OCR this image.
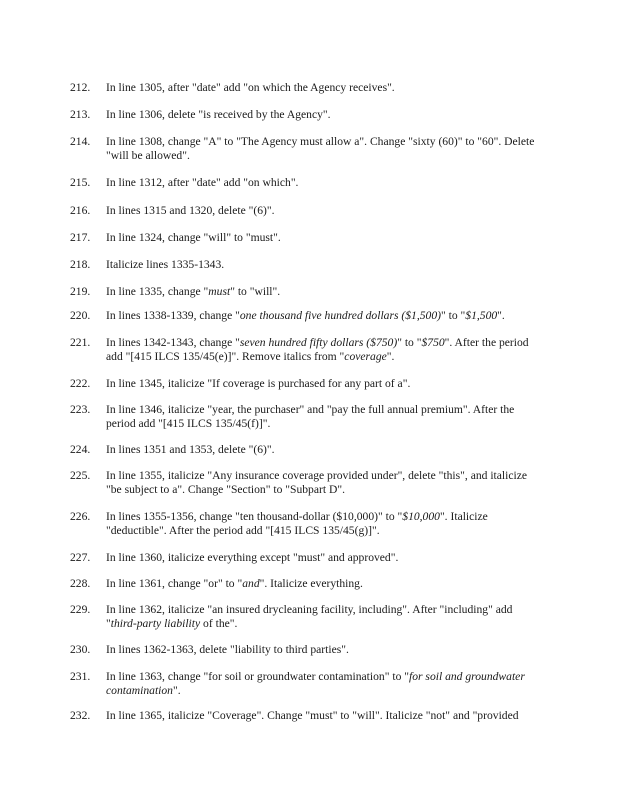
212.	In line 1305, after "date" add "on which the Agency receives".
213.	In line 1306, delete "is received by the Agency".
214.	In line 1308, change "A" to "The Agency must allow a". Change "sixty (60)" to "60". Delete "will be allowed".
215.	In line 1312, after "date" add "on which".
216.	In lines 1315 and 1320, delete "(6)".
217.	In line 1324, change "will" to "must".
218.	Italicize lines 1335-1343.
219.	In line 1335, change "must" to "will".
220.	In lines 1338-1339, change "one thousand five hundred dollars ($1,500)" to "$1,500".
221.	In lines 1342-1343, change "seven hundred fifty dollars ($750)" to "$750". After the period add "[415 ILCS 135/45(e)]". Remove italics from "coverage".
222.	In line 1345, italicize "If coverage is purchased for any part of a".
223.	In line 1346, italicize "year, the purchaser" and "pay the full annual premium". After the period add "[415 ILCS 135/45(f)]".
224.	In lines 1351 and 1353, delete "(6)".
225.	In line 1355, italicize "Any insurance coverage provided under", delete "this", and italicize "be subject to a". Change "Section" to "Subpart D".
226.	In lines 1355-1356, change "ten thousand-dollar ($10,000)" to "$10,000". Italicize "deductible". After the period add "[415 ILCS 135/45(g)]".
227.	In line 1360, italicize everything except "must" and approved".
228.	In line 1361, change "or" to "and". Italicize everything.
229.	In line 1362, italicize "an insured drycleaning facility, including". After "including" add "third-party liability of the".
230.	In lines 1362-1363, delete "liability to third parties".
231.	In line 1363, change "for soil or groundwater contamination" to "for soil and groundwater contamination".
232.	In line 1365, italicize "Coverage". Change "must" to "will". Italicize "not" and "provided
